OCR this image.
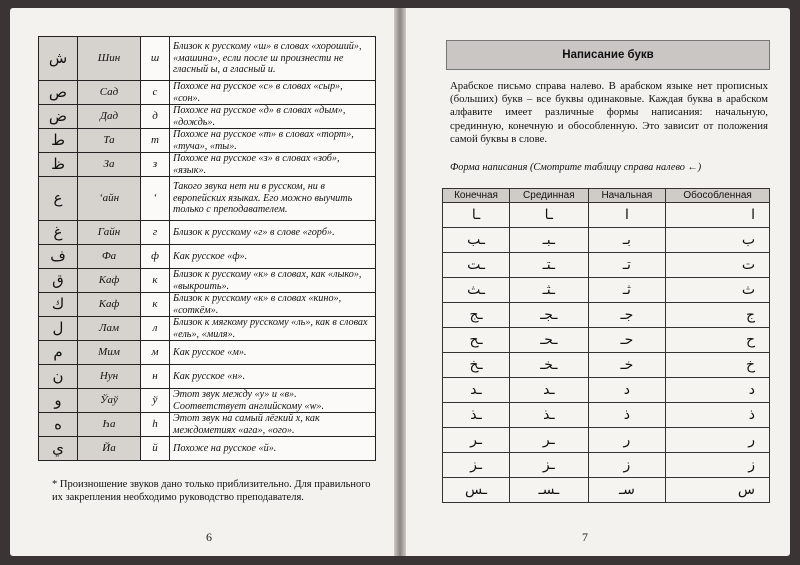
ش	Шин	ш	Близок к русскому «ш» в словах «хороший», «машина», если после ш произнести не гласный ы, а гласный и.
ص	Сад	с	Похоже на русское «с» в словах «сыр», «сон».
ض	Дад	д	Похоже на русское «д» в словах «дым», «дождь».
ط	Та	т	Похоже на русское «т» в словах «торт», «туча», «ты».
ظ	За	з	Похоже на русское «з» в словах «зоб», «язык».
ع	ʻайн	ʻ	Такого звука нет ни в русском, ни в европейских языках. Его можно выучить только с преподавателем.
غ	Гайн	г	Близок к русскому «г» в слове «горб».
ف	Фа	ф	Как русское «ф».
ق	Каф	к	Близок к русскому «к» в словах, как «лыко», «выкроить».
ك	Каф	к	Близок к русскому «к» в словах «кино», «соткём».
ل	Лам	л	Близок к мягкому русскому «ль», как в словах «ель», «миля».
م	Мим	м	Как русское «м».
ن	Нун	н	Как русское «н».
و	Ўаў	ў	Этот звук между «у» и «в». Соответствует английскому «w».
ه	Һа	һ	Этот звук на самый лёгкий х, как междометиях «ага», «ого».
ي	Йа	й	Похоже на русское «й».
* Произношение звуков дано только приблизительно. Для правильного их закрепления необходимо руководство преподавателя.
6
Написание букв
Арабское письмо справа налево. В арабском языке нет прописных (больших) букв – все буквы одинаковые. Каждая буква в арабском алфавите имеет различные формы написания: начальную, срединную, конечную и обособленную. Это зависит от положения самой буквы в слове.
Форма написания (Смотрите таблицу справа налево ←)
Конечная	Срединная	Начальная	Обособленная
ـا	ـا	ا	ا
ـب	ـبـ	بـ	ب
ـت	ـتـ	تـ	ت
ـث	ـثـ	ثـ	ث
ـج	ـجـ	جـ	ج
ـح	ـحـ	حـ	ح
ـخ	ـخـ	خـ	خ
ـد	ـد	د	د
ـذ	ـذ	ذ	ذ
ـر	ـر	ر	ر
ـز	ـز	ز	ز
ـس	ـسـ	سـ	س
7
